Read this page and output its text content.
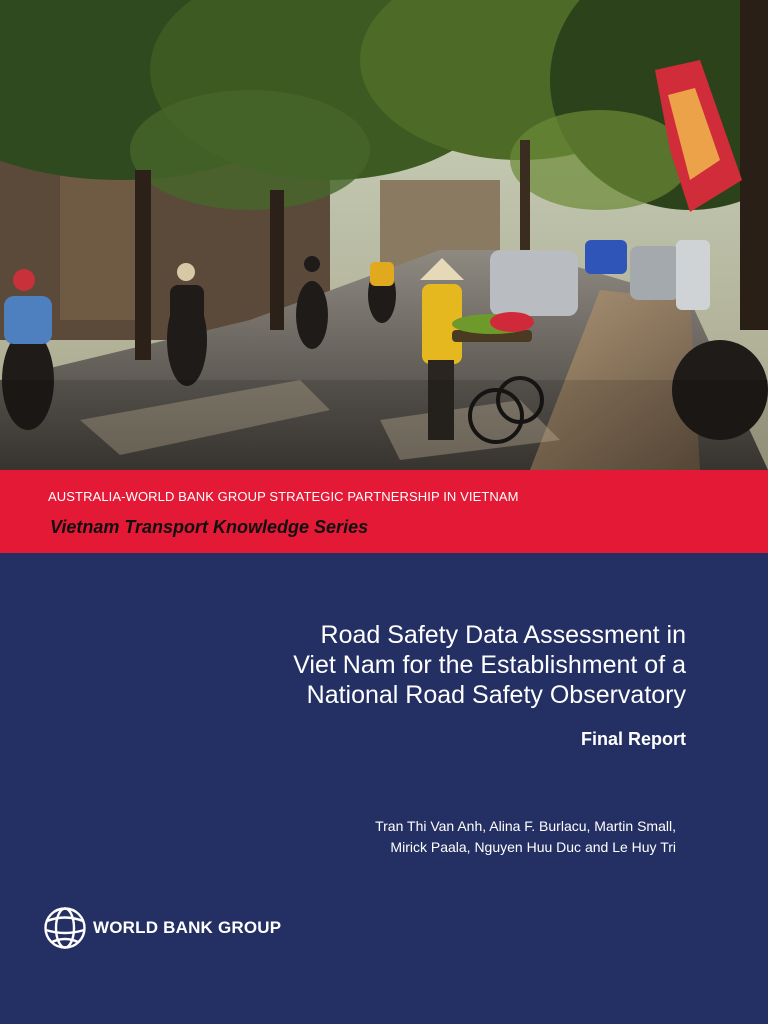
AUSTRALIA-WORLD BANK GROUP STRATEGIC PARTNERSHIP IN VIETNAM
Vietnam Transport Knowledge Series
Road Safety Data Assessment in
Viet Nam for the Establishment of a
National Road Safety Observatory
Final Report
Tran Thi Van Anh, Alina F. Burlacu, Martin Small,
Mirick Paala, Nguyen Huu Duc and Le Huy Tri
WORLD BANK GROUP
